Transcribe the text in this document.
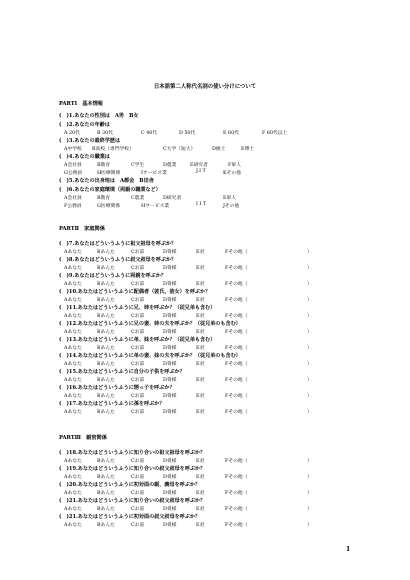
日本語第二人称代名詞の使い分けについて
PARTⅠ　基本情報
(　)1.あなたの性別は　A男　B女
(　)2.あなたの年齢は
A 20代	B 30代	C 40代	D 50代	E 60代	F 60代以上
(　)3.あなたの最終学歴は
A中学校 B高校（専門学校）	C大学（短大）	D修士	E博士
(　)4.あなたの職業は
A会社員	B教育	C学生	D農業	E研究者	F軍人
G公務員	H医療関係	Iサービス業	J.I T	Kその他
(　)5.あなたの出身地は　A都会　B田舎
(　)6.あなたの家庭環境（両親の職業など）
A会社員	B教育	C農業	D研究者	E軍人
F公務員	G医療関係	Hサービス業	I I T	Jその他
PARTⅡ　家庭関係
(　)7.あなたはどういうふうに祖父祖母を呼ぶか？
Aあなた	Bあんた	Cお前	D貴様	E君	Fその他（	）
(　)8.あなたはどういうふうに叔父叔母を呼ぶか？
Aあなた	Bあんた	Cお前	D貴様	E君	Fその他（	）
(　)9.あなたはどういうふうに両親を呼ぶか？
Aあなた	Bあんた	Cお前	D貴様	E君	Fその他（	）
(　)10.あなたはどういうふうに配偶者（彼氏、彼女）を呼ぶか？
Aあなた	Bあんた	Cお前	D貴様	E君	Fその他（	）
(　)11.あなたはどういうふうに兄、姉を呼ぶか？（従兄弟も含む）
Aあなた	Bあんた	Cお前	D貴様	E君	Fその他（	）
(　)12.あなたはどういうふうに兄の妻、姉の夫を呼ぶか？（従兄弟のも含む）
Aあなた	Bあんた	Cお前	D貴様	E君	Fその他（	）
(　)13.あなたはどういうふうに弟、妹を呼ぶか？（従兄弟も含む）
Aあなた	Bあんた	Cお前	D貴様	E君	Fその他（	）
(　)14.あなたはどういうふうに弟の妻、妹の夫を呼ぶか？（従兄弟のも含む）
Aあなた	Bあんた	Cお前	D貴様	E君	Fその他（	）
(　)15.あなたはどういうふうに自分の子供を呼ぶか？
Aあなた	Bあんた	Cお前	D貴様	E君	Fその他（	）
(　)16.あなたはどういうふうに甥っ子を呼ぶか？
Aあなた	Bあんた	Cお前	D貴様	E君	Fその他（	）
(　)17.あなたはどういうふうに孫を呼ぶか？
Aあなた	Bあんた	Cお前	D貴様	E君	Fその他（	）
PARTⅢ　親密関係
(　)18.あなたはどういうふうに知り合いの祖父祖母を呼ぶか？
Aあなた	Bあんた	Cお前	D貴様	E君	Fその他（	）
(　)19.あなたはどういうふうに知り合いの叔父叔母を呼ぶか？
Aあなた	Bあんた	Cお前	D貴様	E君	Fその他（	）
(　)20.あなたはどういうふうに初対面の親、義母を呼ぶか？
Aあなた	Bあんた	Cお前	D貴様	E君	Fその他（	）
(　)21.あなたはどういうふうに知り合いの叔父叔母を呼ぶか？
Aあなた	Bあんた	Cお前	D貴様	E君	Fその他（	）
(　)21.あなたはどういうふうに初対面の叔父叔母を呼ぶか？
Aあなた	Bあんた	Cお前	D貴様	E君	Fその他（	）
1
